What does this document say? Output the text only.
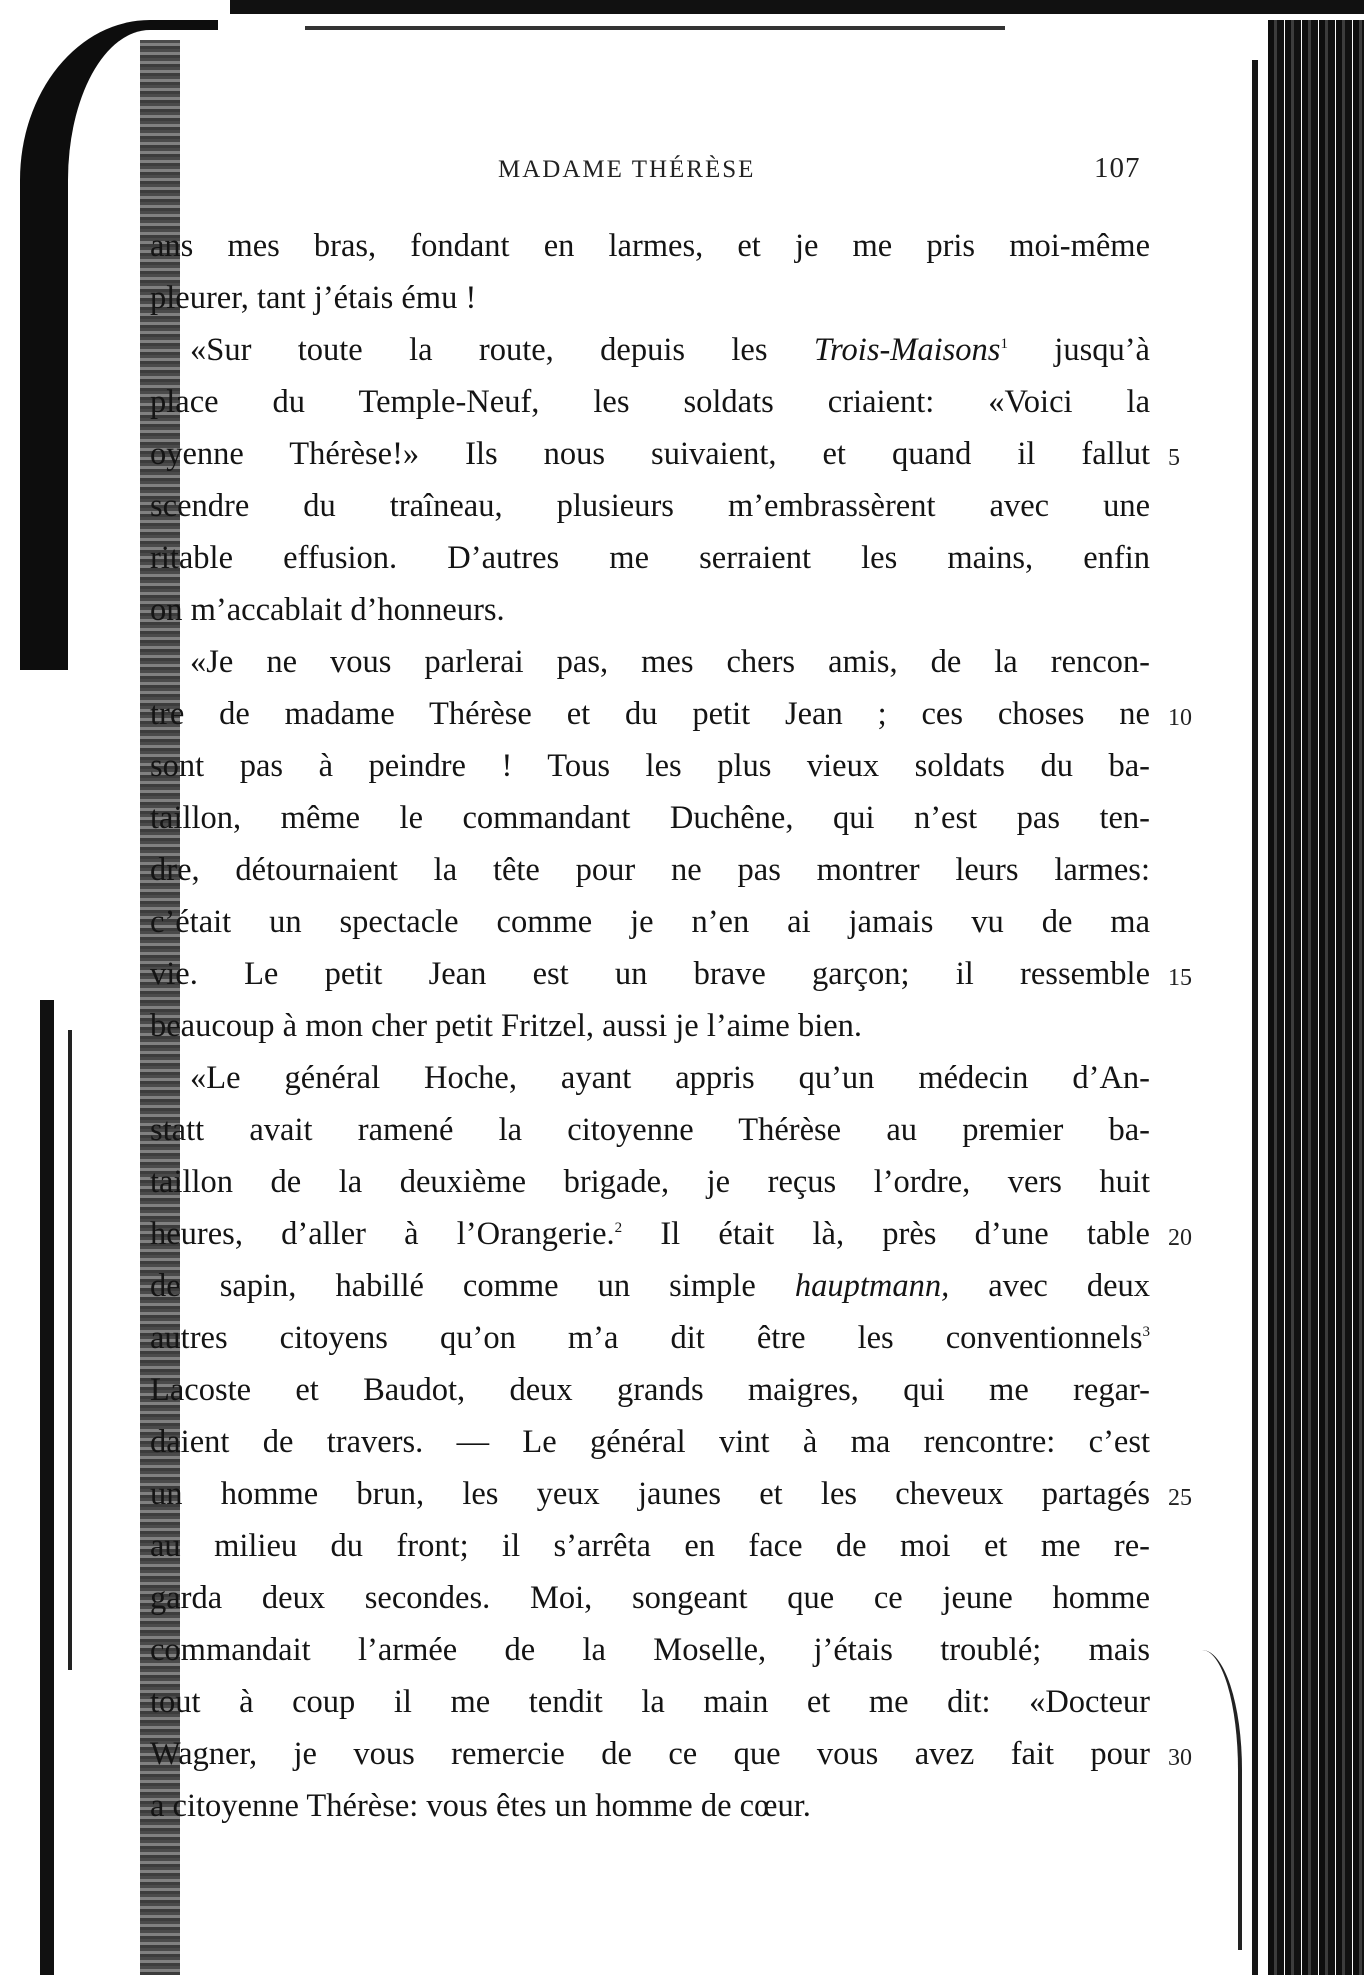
MADAME THÉRÈSE	107
ans mes bras, fondant en larmes, et je me pris moi-même
pleurer, tant j’étais ému !
«Sur toute la route, depuis les Trois-Maisons$^1$ jusqu’à
place du Temple-Neuf, les soldats criaient: «Voici la
oyenne Thérèse!» Ils nous suivaient, et quand il fallut 5
scendre du traîneau, plusieurs m’embrassèrent avec une
ritable effusion. D’autres me serraient les mains, enfin
on m’accablait d’honneurs.
«Je ne vous parlerai pas, mes chers amis, de la rencon-
tre de madame Thérèse et du petit Jean ; ces choses ne 10
sont pas à peindre ! Tous les plus vieux soldats du ba-
taillon, même le commandant Duchêne, qui n’est pas ten-
dre, détournaient la tête pour ne pas montrer leurs larmes:
c’était un spectacle comme je n’en ai jamais vu de ma
vie. Le petit Jean est un brave garçon; il ressemble 15
beaucoup à mon cher petit Fritzel, aussi je l’aime bien.
«Le général Hoche, ayant appris qu’un médecin d’An-
statt avait ramené la citoyenne Thérèse au premier ba-
taillon de la deuxième brigade, je reçus l’ordre, vers huit
heures, d’aller à l’Orangerie.$^2$ Il était là, près d’une table 20
de sapin, habillé comme un simple hauptmann, avec deux
autres citoyens qu’on m’a dit être les conventionnels$^3$
Lacoste et Baudot, deux grands maigres, qui me regar-
daient de travers. — Le général vint à ma rencontre: c’est
un homme brun, les yeux jaunes et les cheveux partagés 25
au milieu du front; il s’arrêta en face de moi et me re-
garda deux secondes. Moi, songeant que ce jeune homme
commandait l’armée de la Moselle, j’étais troublé; mais
tout à coup il me tendit la main et me dit: «Docteur
Wagner, je vous remercie de ce que vous avez fait pour 30
a citoyenne Thérèse: vous êtes un homme de cœur.
